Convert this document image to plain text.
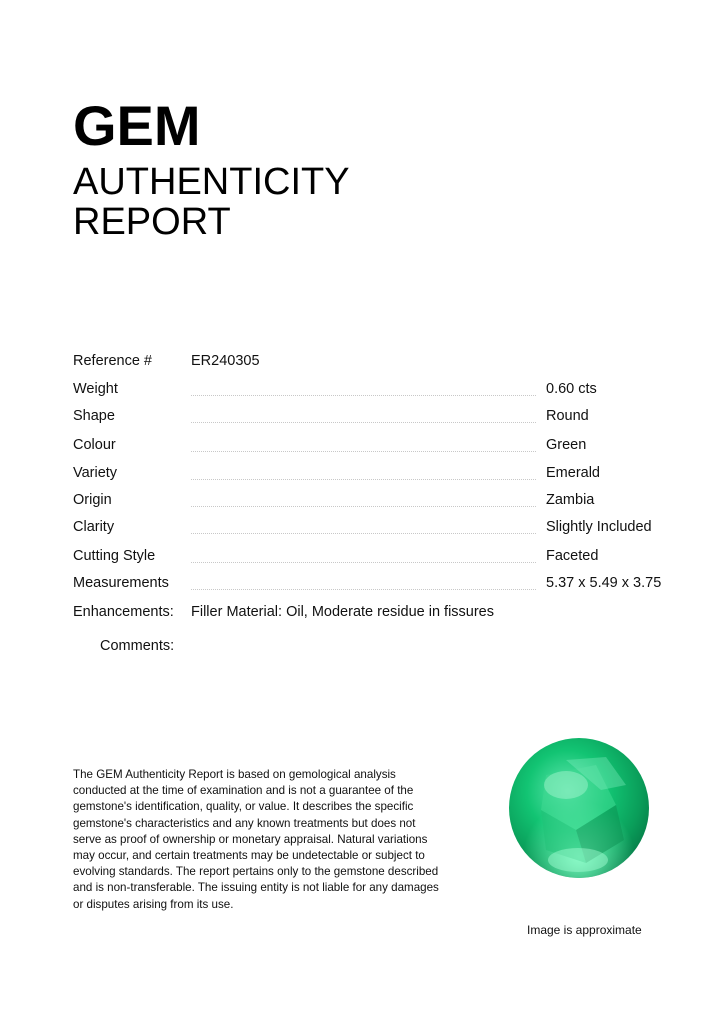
GEM
AUTHENTICITY
REPORT
Reference #	ER240305
Weight	0.60 cts
Shape	Round
Colour	Green
Variety	Emerald
Origin	Zambia
Clarity	Slightly Included
Cutting Style	Faceted
Measurements	5.37 x 5.49 x 3.75
Enhancements: Filler Material: Oil, Moderate residue in fissures
Comments:

The GEM Authenticity Report is based on gemological analysis conducted at the time of examination and is not a guarantee of the gemstone's identification, quality, or value. It describes the specific gemstone's characteristics and any known treatments but does not serve as proof of ownership or monetary appraisal. Natural variations may occur, and certain treatments may be undetectable or subject to evolving standards. The report pertains only to the gemstone described and is non-transferable. The issuing entity is not liable for any damages or disputes arising from its use.

Image is approximate
